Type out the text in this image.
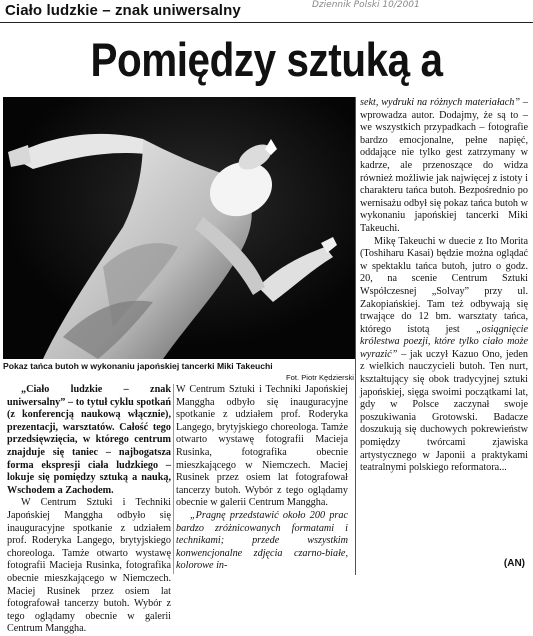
Ciało ludzkie – znak uniwersalny	Dziennik Polski 10/2001
Pomiędzy sztuką a
Pokaz tańca butoh w wykonaniu japońskiej tancerki Miki Takeuchi
Fot. Piotr Kędzierski

„Ciało ludzkie – znak uniwersalny” – to tytuł cyklu spotkań (z konferencją naukową włącznie), prezentacji, warsztatów. Całość tego przedsięwzięcia, w którego centrum znajduje się taniec – najbogatsza forma ekspresji ciała ludzkiego – lokuje się pomiędzy sztuką a nauką, Wschodem a Zachodem.

W Centrum Sztuki i Techniki Japońskiej Manggha odbyło się inauguracyjne spotkanie z udziałem prof. Roderyka Langego, brytyjskiego choreologa. Tamże otwarto wystawę fotografii Macieja Rusinka, fotografika obecnie mieszkającego w Niemczech. Maciej Rusinek przez osiem lat fotografował tancerzy butoh. Wybór z tego oglądamy obecnie w galerii Centrum Manggha.

W Centrum Sztuki i Techniki Japońskiej Manggha odbyło się inauguracyjne spotkanie z udziałem prof. Roderyka Langego, brytyjskiego choreologa. Tamże otwarto wystawę fotografii Macieja Rusinka, fotografika obecnie mieszkającego w Niemczech. Maciej Rusinek przez osiem lat fotografował tancerzy butoh. Wybór z tego oglądamy obecnie w galerii Centrum Manggha.

„Pragnę przedstawić około 200 prac bardzo zróżnicowanych formatami i technikami; przede wszystkim konwencjonalne zdjęcia czarno-białe, kolorowe in-

sekt, wydruki na różnych materiałach” – wprowadza autor. Dodajmy, że są to – we wszystkich przypadkach – fotografie bardzo emocjonalne, pełne napięć, oddające nie tylko gest zatrzymany w kadrze, ale przenoszące do widza również możliwie jak najwięcej z istoty i charakteru tańca butoh. Bezpośrednio po wernisażu odbył się pokaz tańca butoh w wykonaniu japońskiej tancerki Miki Takeuchi.

Mikę Takeuchi w duecie z Ito Morita (Toshiharu Kasai) będzie można oglądać w spektaklu tańca butoh, jutro o godz. 20, na scenie Centrum Sztuki Współczesnej „Solvay” przy ul. Zakopiańskiej. Tam też odbywają się trwające do 12 bm. warsztaty tańca, którego istotą jest „osiągnięcie królestwa poezji, które tylko ciało może wyrazić” – jak uczył Kazuo Ono, jeden z wielkich nauczycieli butoh. Ten nurt, kształtujący się obok tradycyjnej sztuki japońskiej, sięga swoimi początkami lat, gdy w Polsce zaczynał swoje poszukiwania Grotowski. Badacze doszukują się duchowych pokrewieństw pomiędzy twórcami zjawiska artystycznego w Japonii a praktykami teatralnymi polskiego reformatora...

(AN)
